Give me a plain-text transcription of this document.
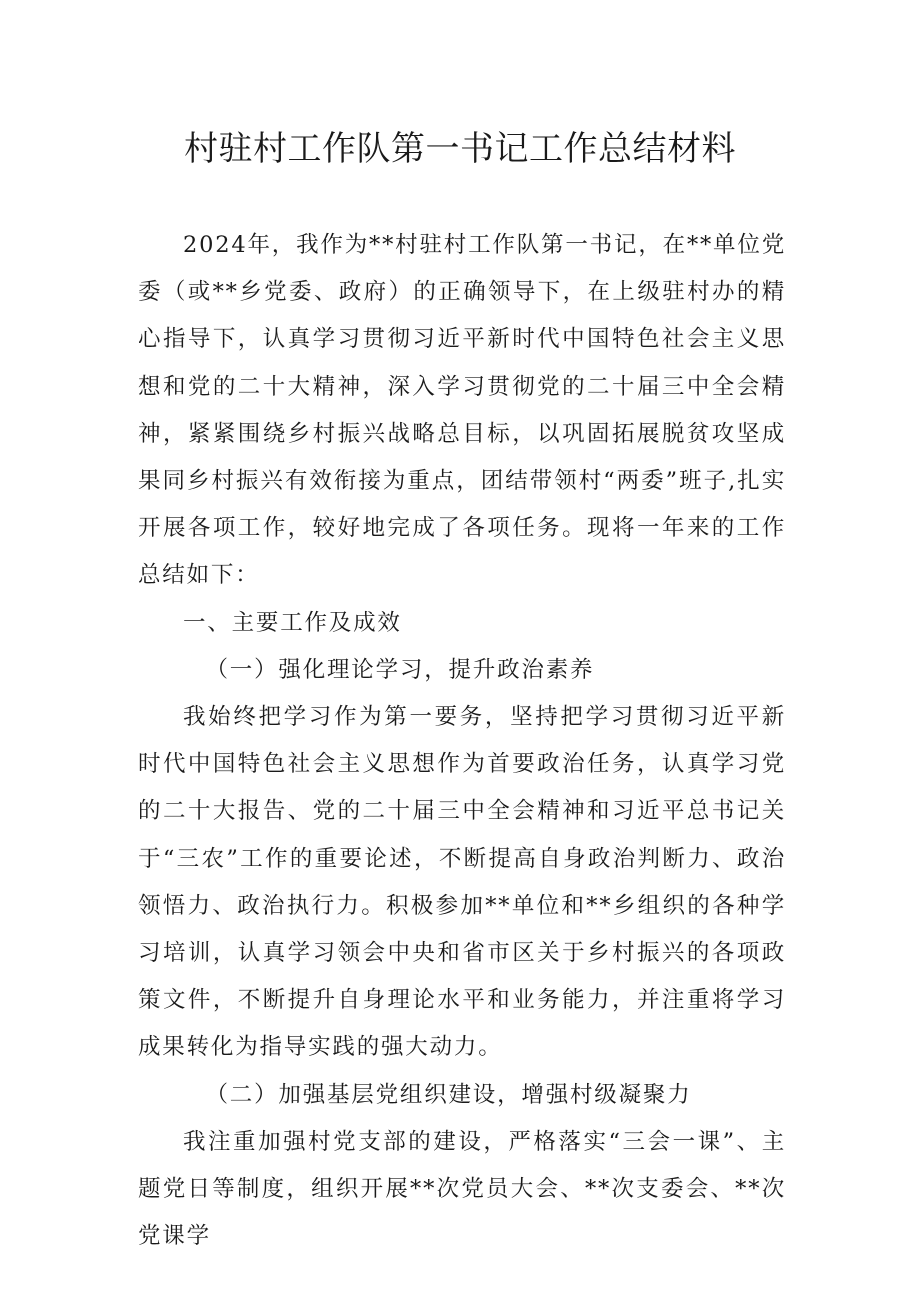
村驻村工作队第一书记工作总结材料

2024年，我作为**村驻村工作队第一书记，在**单位党委（或**乡党委、政府）的正确领导下，在上级驻村办的精心指导下，认真学习贯彻习近平新时代中国特色社会主义思想和党的二十大精神，深入学习贯彻党的二十届三中全会精神，紧紧围绕乡村振兴战略总目标，以巩固拓展脱贫攻坚成果同乡村振兴有效衔接为重点，团结带领村“两委”班子,扎实开展各项工作，较好地完成了各项任务。现将一年来的工作总结如下：

一、主要工作及成效

（一）强化理论学习，提升政治素养

我始终把学习作为第一要务，坚持把学习贯彻习近平新时代中国特色社会主义思想作为首要政治任务，认真学习党的二十大报告、党的二十届三中全会精神和习近平总书记关于“三农”工作的重要论述，不断提高自身政治判断力、政治领悟力、政治执行力。积极参加**单位和**乡组织的各种学习培训，认真学习领会中央和省市区关于乡村振兴的各项政策文件，不断提升自身理论水平和业务能力，并注重将学习成果转化为指导实践的强大动力。

（二）加强基层党组织建设，增强村级凝聚力

我注重加强村党支部的建设，严格落实“三会一课”、主题党日等制度，组织开展**次党员大会、**次支委会、**次党课学
